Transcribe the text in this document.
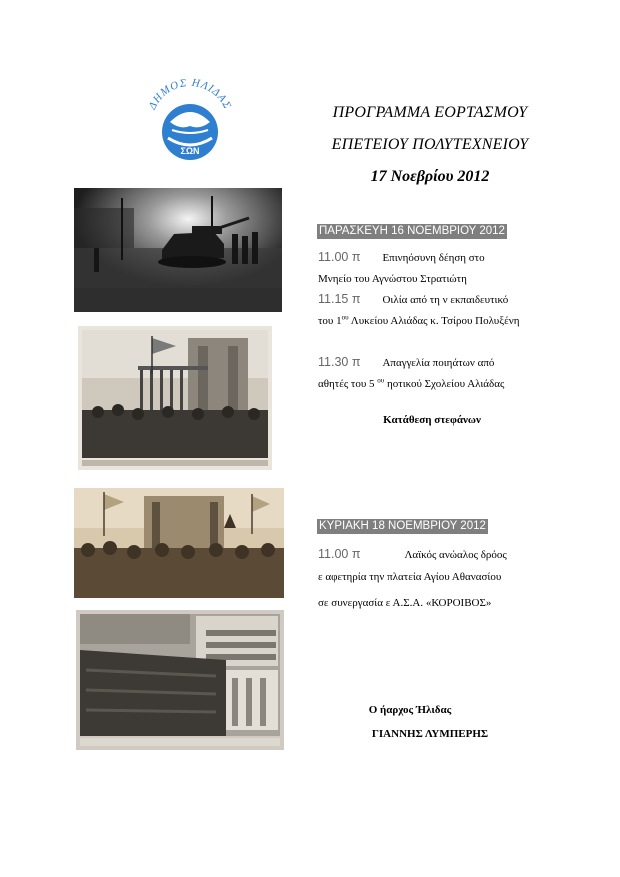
ΔΗΜΟΣ ΗΛΙΔΑΣ
ΑΓ
ΣΩΝ
ΠΡΟΓΡΑΜΜΑ ΕΟΡΤΑΣΜΟΥ
ΕΠΕΤΕΙΟΥ ΠΟΛΥΤΕΧΝΕΙΟΥ
17 Νοεβρίου 2012
ΠΑΡΑΣΚΕΥΗ 16 ΝΟΕΜΒΡΙΟΥ 2012
11.00 π Επινηόσυνη δέηση στο
Μνηείο του Αγνώστου Στρατιώτη
11.15 π Οιλία από τη ν εκπαιδευτικό
του $1^{o\upsilon}$ Λυκείου Αλιάδας κ. Τσίρου Πολυξένη
11.30 π Απαγγελία ποιηάτων από
αθητές του 5 $^{o\upsilon}$ ηοτικού Σχολείου Αλιάδας
Κατάθεση στεφάνων
ΚΥΡΙΑΚΗ 18 ΝΟΕΜΒΡΙΟΥ 2012
11.00 π	Λαϊκός ανώαλος δρόος
ε αφετηρία την πλατεία Αγίου Αθανασίου
σε συνεργασία ε Α.Σ.Α. «ΚΟΡΟΙΒΟΣ»
Ο ήαρχος Ήλιδας
ΓΙΑΝΝΗΣ ΛΥΜΠΕΡΗΣ
